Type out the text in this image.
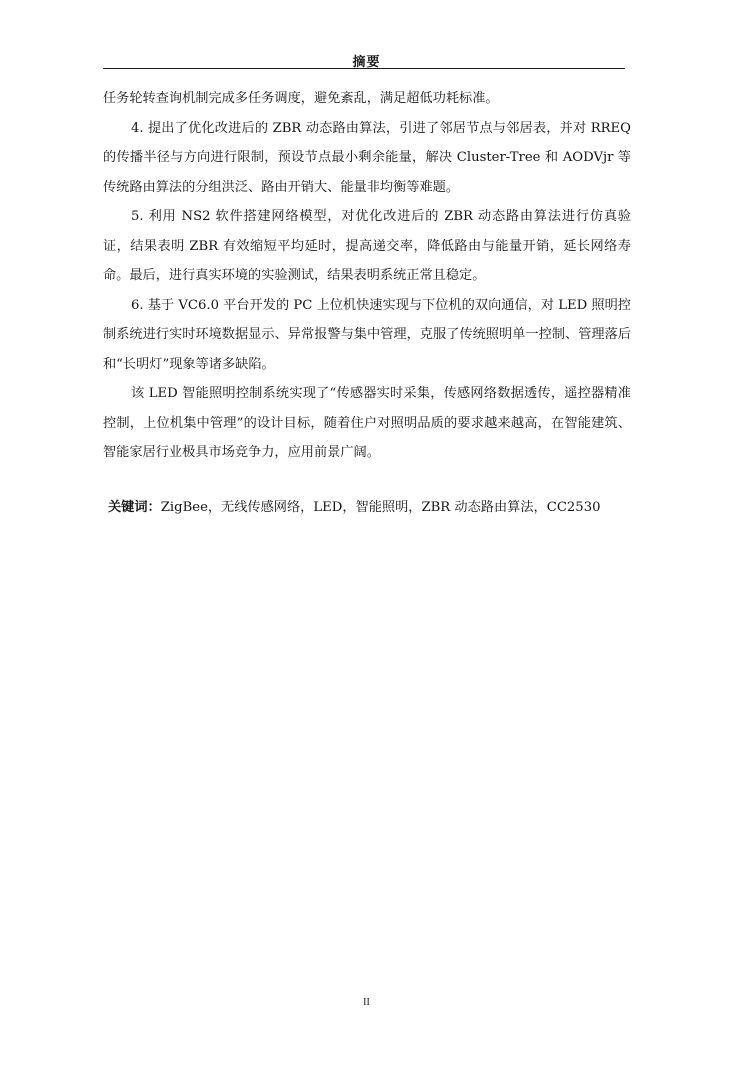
摘要

任务轮转查询机制完成多任务调度，避免紊乱，满足超低功耗标准。

4. 提出了优化改进后的 ZBR 动态路由算法，引进了邻居节点与邻居表，并对 RREQ 的传播半径与方向进行限制，预设节点最小剩余能量，解决 Cluster-Tree 和 AODVjr 等传统路由算法的分组洪泛、路由开销大、能量非均衡等难题。

5. 利用 NS2 软件搭建网络模型，对优化改进后的 ZBR 动态路由算法进行仿真验证，结果表明 ZBR 有效缩短平均延时，提高递交率，降低路由与能量开销，延长网络寿命。最后，进行真实环境的实验测试，结果表明系统正常且稳定。

6. 基于 VC6.0 平台开发的 PC 上位机快速实现与下位机的双向通信，对 LED 照明控制系统进行实时环境数据显示、异常报警与集中管理，克服了传统照明单一控制、管理落后和“长明灯”现象等诸多缺陷。

该 LED 智能照明控制系统实现了“传感器实时采集，传感网络数据透传，遥控器精准控制，上位机集中管理”的设计目标，随着住户对照明品质的要求越来越高，在智能建筑、智能家居行业极具市场竞争力，应用前景广阔。

关键词：ZigBee，无线传感网络，LED，智能照明，ZBR 动态路由算法，CC2530
II
